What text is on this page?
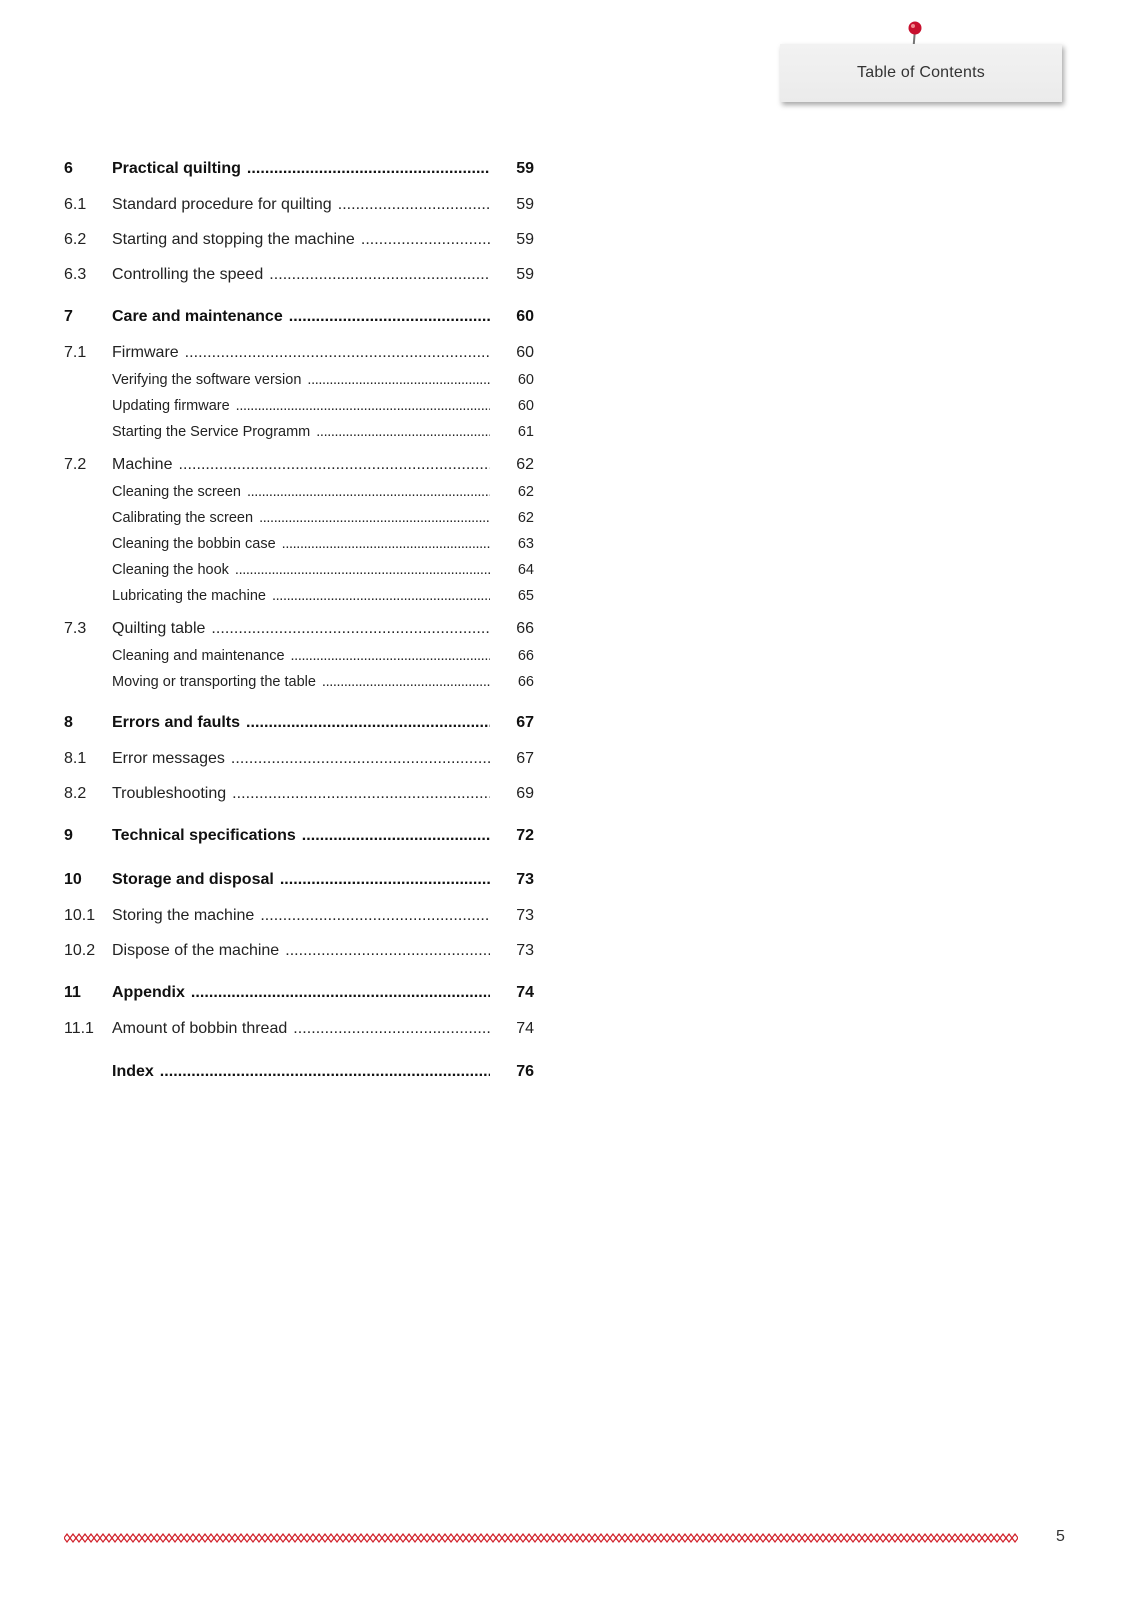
Table of Contents
6	Practical quilting . . .	59
6.1	Standard procedure for quilting . . .	59
6.2	Starting and stopping the machine . . .	59
6.3	Controlling the speed . . .	59
7	Care and maintenance . . .	60
7.1	Firmware . . .	60
Verifying the software version . . .	60
Updating firmware . . .	60
Starting the Service Programm . . .	61
7.2	Machine . . .	62
Cleaning the screen . . .	62
Calibrating the screen . . .	62
Cleaning the bobbin case . . .	63
Cleaning the hook . . .	64
Lubricating the machine . . .	65
7.3	Quilting table . . .	66
Cleaning and maintenance . . .	66
Moving or transporting the table . . .	66
8	Errors and faults . . .	67
8.1	Error messages . . .	67
8.2	Troubleshooting . . .	69
9	Technical specifications . . .	72
10	Storage and disposal . . .	73
10.1	Storing the machine . . .	73
10.2	Dispose of the machine . . .	73
11	Appendix . . .	74
11.1	Amount of bobbin thread . . .	74
Index . . .	76
5
